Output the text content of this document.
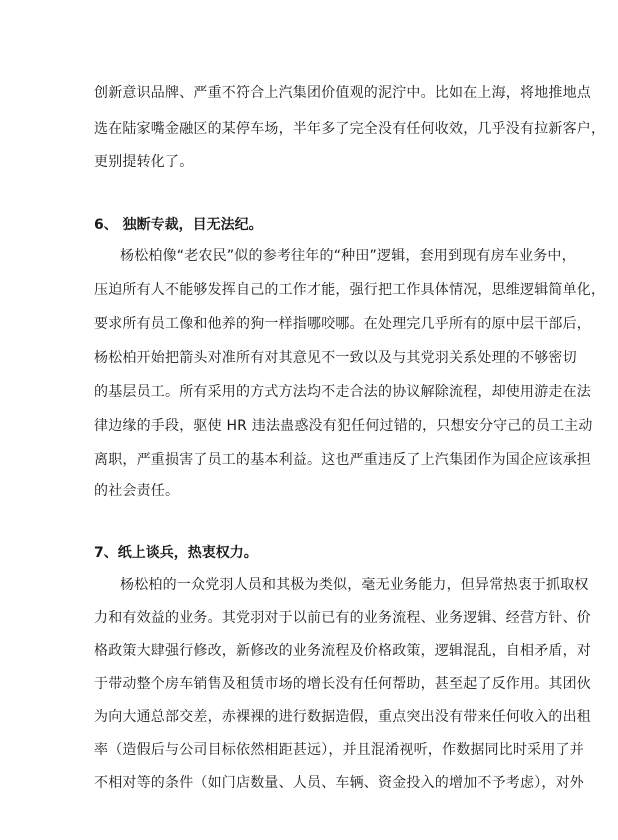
创新意识品牌、严重不符合上汽集团价值观的泥泞中。比如在上海，将地推地点
选在陆家嘴金融区的某停车场，半年多了完全没有任何收效，几乎没有拉新客户，
更别提转化了。
6、 独断专裁，目无法纪。
杨松柏像“老农民”似的参考往年的“种田”逻辑，套用到现有房车业务中，
压迫所有人不能够发挥自己的工作才能，强行把工作具体情况，思维逻辑简单化，
要求所有员工像和他养的狗一样指哪咬哪。在处理完几乎所有的原中层干部后，
杨松柏开始把箭头对准所有对其意见不一致以及与其党羽关系处理的不够密切
的基层员工。所有采用的方式方法均不走合法的协议解除流程，却使用游走在法
律边缘的手段，驱使 HR 违法蛊惑没有犯任何过错的，只想安分守己的员工主动
离职，严重损害了员工的基本利益。这也严重违反了上汽集团作为国企应该承担
的社会责任。
7、纸上谈兵，热衷权力。
杨松柏的一众党羽人员和其极为类似，毫无业务能力，但异常热衷于抓取权
力和有效益的业务。其党羽对于以前已有的业务流程、业务逻辑、经营方针、价
格政策大肆强行修改，新修改的业务流程及价格政策，逻辑混乱，自相矛盾，对
于带动整个房车销售及租赁市场的增长没有任何帮助，甚至起了反作用。其团伙
为向大通总部交差，赤裸裸的进行数据造假，重点突出没有带来任何收入的出租
率（造假后与公司目标依然相距甚远），并且混淆视听，作数据同比时采用了并
不相对等的条件（如门店数量、人员、车辆、资金投入的增加不予考虑），对外
